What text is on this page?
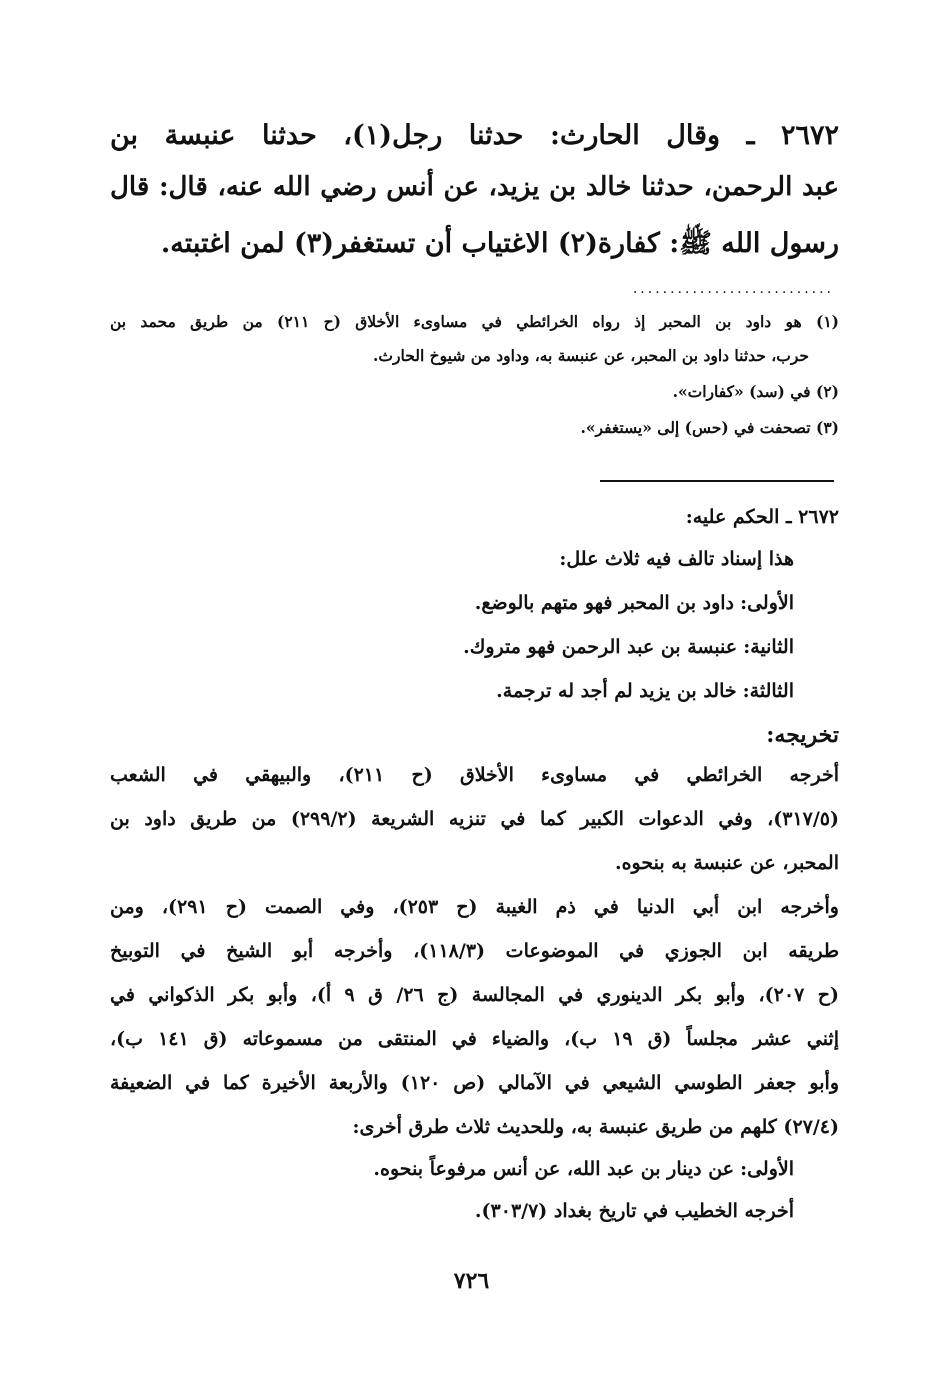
٢٦٧٢ ـ وقال الحارث: حدثنا رجل(١)، حدثنا عنبسة بن
عبد الرحمن، حدثنا خالد بن يزيد، عن أنس رضي الله عنه، قال: قال
رسول الله ﷺ: كفارة(٢) الاغتياب أن تستغفر(٣) لمن اغتبته.
...........................
(١) هو داود بن المحبر إذ رواه الخرائطي في مساوىء الأخلاق (ح ٢١١) من طريق محمد بن
حرب، حدثنا داود بن المحبر، عن عنبسة به، وداود من شيوخ الحارث.
(٢) في (سد) «كفارات».
(٣) تصحفت في (حس) إلى «يستغفر».
٢٦٧٢ ـ الحكم عليه:
هذا إسناد تالف فيه ثلاث علل:
الأولى: داود بن المحبر فهو متهم بالوضع.
الثانية: عنبسة بن عبد الرحمن فهو متروك.
الثالثة: خالد بن يزيد لم أجد له ترجمة.
تخريجه:
أخرجه الخرائطي في مساوىء الأخلاق (ح ٢١١)، والبيهقي في الشعب
(٣١٧/٥)، وفي الدعوات الكبير كما في تنزيه الشريعة (٢٩٩/٢) من طريق داود بن
المحبر، عن عنبسة به بنحوه.
وأخرجه ابن أبي الدنيا في ذم الغيبة (ح ٢٥٣)، وفي الصمت (ح ٢٩١)، ومن
طريقه ابن الجوزي في الموضوعات (١١٨/٣)، وأخرجه أبو الشيخ في التوبيخ
(ح ٢٠٧)، وأبو بكر الدينوري في المجالسة (ج ٢٦/ ق ٩ أ)، وأبو بكر الذكواني في
إثني عشر مجلساً (ق ١٩ ب)، والضياء في المنتقى من مسموعاته (ق ١٤١ ب)،
وأبو جعفر الطوسي الشيعي في الآمالي (ص ١٢٠) والأربعة الأخيرة كما في الضعيفة
(٢٧/٤) كلهم من طريق عنبسة به، وللحديث ثلاث طرق أخرى:
الأولى: عن دينار بن عبد الله، عن أنس مرفوعاً بنحوه.
أخرجه الخطيب في تاريخ بغداد (٣٠٣/٧).
٧٢٦
